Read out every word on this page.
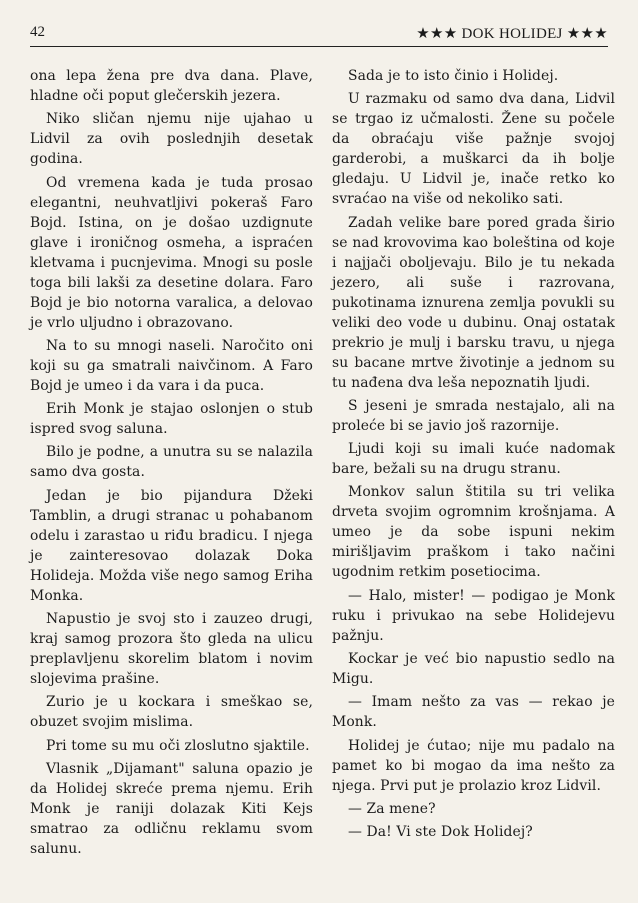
42	★★★ DOK HOLIDEJ ★★★

ona lepa žena pre dva dana. Plave, hladne oči poput glečerskih jezera.

Niko sličan njemu nije ujahao u Lidvil za ovih poslednjih desetak godina.

Od vremena kada je tuda prosao elegantni, neuhvatljivi pokeraš Faro Bojd. Istina, on je došao uzdignute glave i ironičnog osmeha, a ispraćen kletvama i pucnjevima. Mnogi su posle toga bili lakši za desetine dolara. Faro Bojd je bio notorna varalica, a delovao je vrlo uljudno i obrazovano.

Na to su mnogi naseli. Naročito oni koji su ga smatrali naivčinom. A Faro Bojd je umeo i da vara i da puca.

Erih Monk je stajao oslonjen o stub ispred svog saluna.

Bilo je podne, a unutra su se nalazila samo dva gosta.

Jedan je bio pijandura Džeki Tamblin, a drugi stranac u pohabanom odelu i zarastao u riđu bradicu. I njega je zainteresovao dolazak Doka Holideja. Možda više nego samog Eriha Monka.

Napustio je svoj sto i zauzeo drugi, kraj samog prozora što gleda na ulicu preplavljenu skorelim blatom i novim slojevima prašine.

Zurio je u kockara i smeškao se, obuzet svojim mislima.

Pri tome su mu oči zloslutno sjaktile.

Vlasnik „Dijamant" saluna opazio je da Holidej skreće prema njemu. Erih Monk je raniji dolazak Kiti Kejs smatrao za odličnu reklamu svom salunu.

Sada je to isto činio i Holidej.

U razmaku od samo dva dana, Lidvil se trgao iz učmalosti. Žene su počele da obraćaju više pažnje svojoj garderobi, a muškarci da ih bolje gledaju. U Lidvil je, inače retko ko svraćao na više od nekoliko sati.

Zadah velike bare pored grada širio se nad krovovima kao boleština od koje i najjači oboljevaju. Bilo je tu nekada jezero, ali suše i razrovana, pukotinama iznurena zemlja povukli su veliki deo vode u dubinu. Onaj ostatak prekrio je mulj i barsku travu, u njega su bacane mrtve životinje a jednom su tu nađena dva leša nepoznatih ljudi.

S jeseni je smrada nestajalo, ali na proleće bi se javio još razornije.

Ljudi koji su imali kuće nadomak bare, bežali su na drugu stranu.

Monkov salun štitila su tri velika drveta svojim ogromnim krošnjama. A umeo je da sobe ispuni nekim mirišljavim praškom i tako načini ugodnim retkim posetiocima.

— Halo, mister! — podigao je Monk ruku i privukao na sebe Holidejevu pažnju.

Kockar je već bio napustio sedlo na Migu.

— Imam nešto za vas — rekao je Monk.

Holidej je ćutao; nije mu padalo na pamet ko bi mogao da ima nešto za njega. Prvi put je prolazio kroz Lidvil.

— Za mene?

— Da! Vi ste Dok Holidej?
